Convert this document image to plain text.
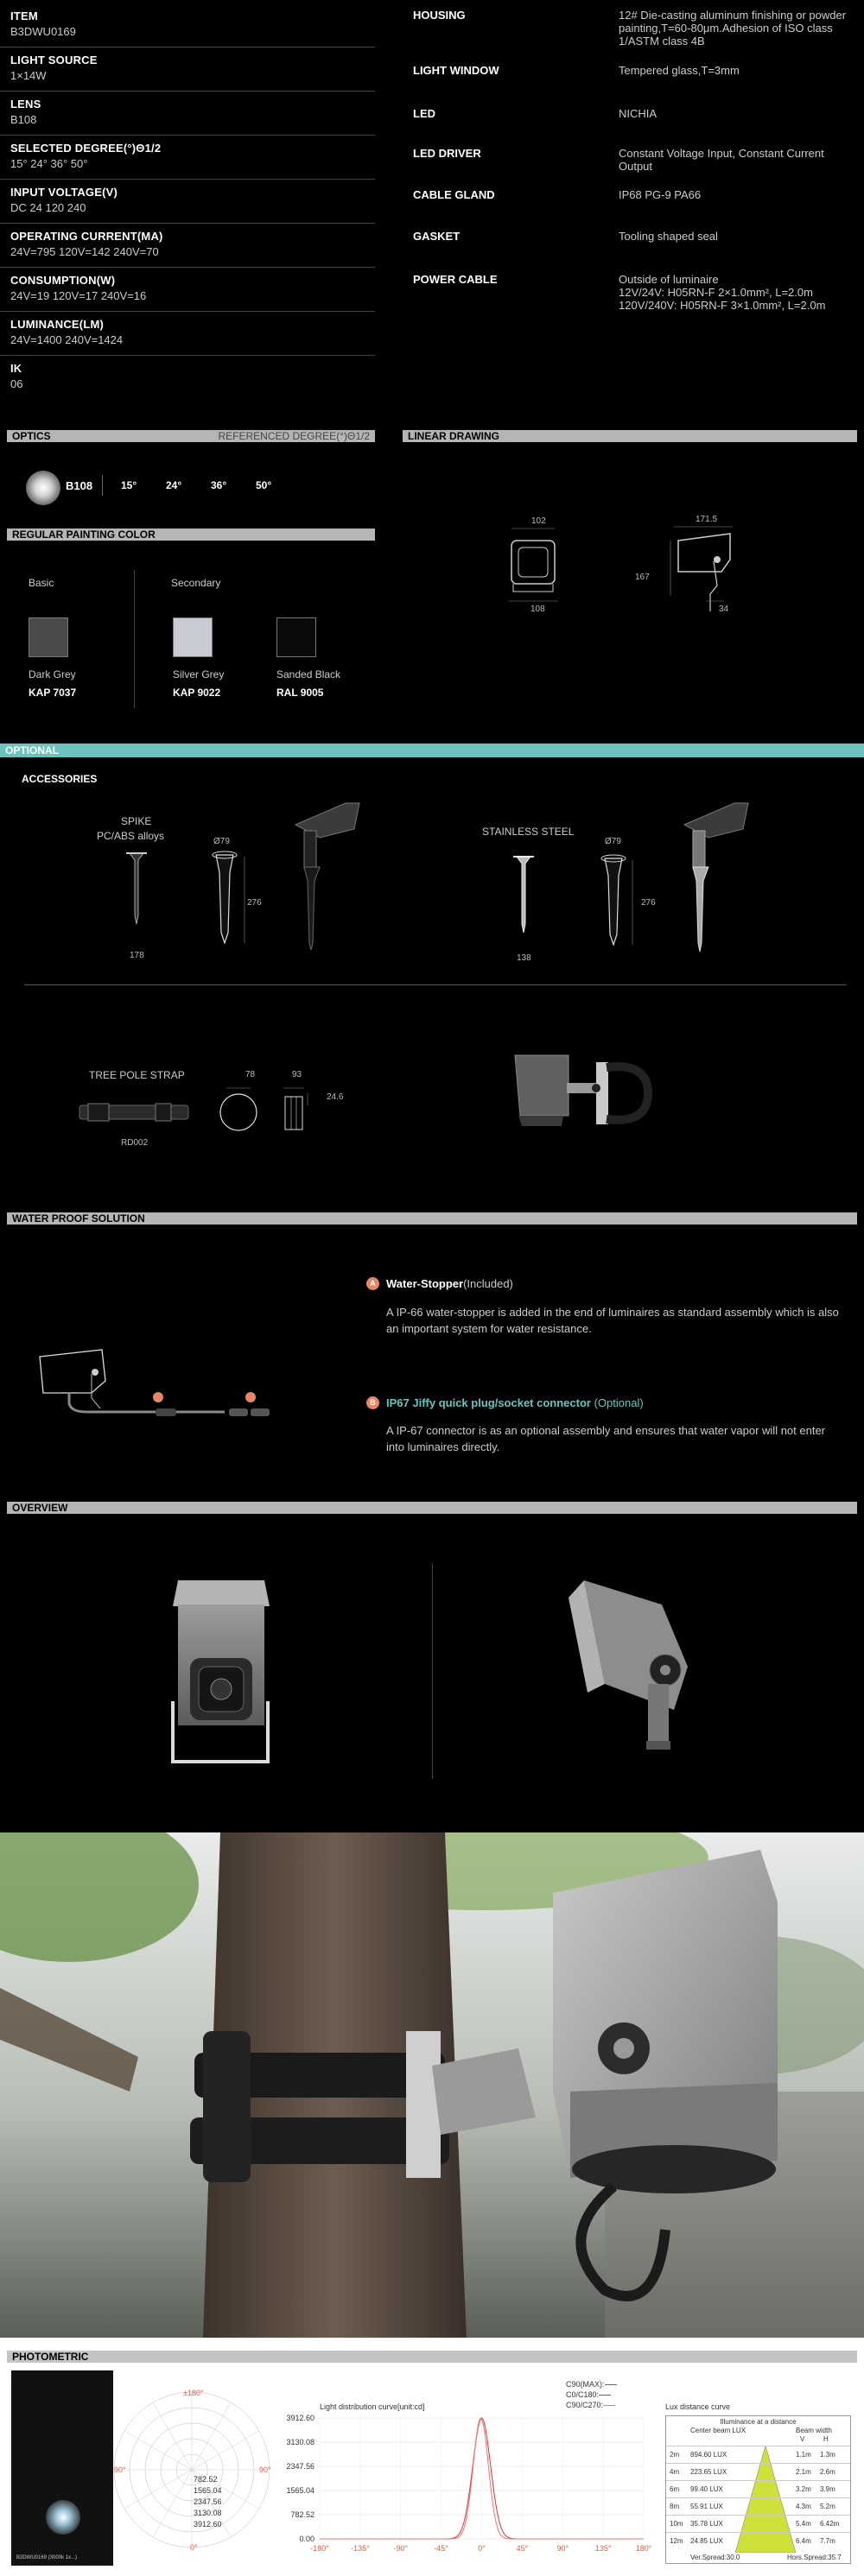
ITEM
B3DWU0169
LIGHT SOURCE
1×14W
LENS
B108
SELECTED DEGREE(°)Θ1/2
15° 24° 36° 50°
INPUT VOLTAGE(V)
DC 24 120 240
OPERATING CURRENT(MA)
24V=795 120V=142 240V=70
CONSUMPTION(W)
24V=19 120V=17 240V=16
LUMINANCE(LM)
24V=1400 240V=1424
IK
06
HOUSING	12# Die-casting aluminum finishing or powder painting,T=60-80μm.Adhesion of ISO class 1/ASTM class 4B
LIGHT WINDOW	Tempered glass,T=3mm
LED	NICHIA
LED DRIVER	Constant Voltage Input, Constant Current Output
CABLE GLAND	IP68 PG-9 PA66
GASKET	Tooling shaped seal
POWER CABLE	Outside of luminaire
12V/24V: H05RN-F 2×1.0mm², L=2.0m
120V/240V: H05RN-F 3×1.0mm², L=2.0m
OPTICS	REFERENCED DEGREE(°)Θ1/2
B108	15°	24°	36°	50°
LINEAR DRAWING
102
108
171.5
167
34
REGULAR PAINTING COLOR
Basic	Secondary
Dark Grey
KAP 7037
Silver Grey
KAP 9022
Sanded Black
RAL 9005
OPTIONAL
ACCESSORIES
SPIKE
PC/ABS alloys	Ø79
276
178
STAINLESS STEEL
Ø79
276
138
TREE POLE STRAP
RD002
78	93
24.6
WATER PROOF SOLUTION
A Water-Stopper(Included)
A IP-66 water-stopper is added in the end of luminaires as standard assembly which is also an important system for water resistance.
B IP67 Jiffy quick plug/socket connector (Optional)
A IP-67 connector is as an optional assembly and ensures that water vapor will not enter into luminaires directly.
OVERVIEW
PHOTOMETRIC
B3DWU0169 (3000k 1x...)
±180°
90°	90°
0°
782.52
1565.04
2347.56
3130.08
3912.60
Light distribution curve[unit:cd]
C90(MAX):
C0/C180:
C90/C270:
3912.60
3130.08
2347.56
1565.04
782.52
0.00
-180°	-135°	-90°	-45°	0°	45°	90°	135°	180°
Lux distance curve
Illuminance at a distance
Center beam LUX	Beam width
V	H
2m 894.60 LUX	1.1m 1.3m
4m 223.65 LUX	2.1m 2.6m
6m 99.40 LUX	3.2m 3.9m
8m 55.91 LUX	4.3m 5.2m
10m 35.78 LUX	5.4m 6.42m
12m 24.85 LUX	6.4m 7.7m
Ver.Spread:30.0	Hors.Spread:35.7
